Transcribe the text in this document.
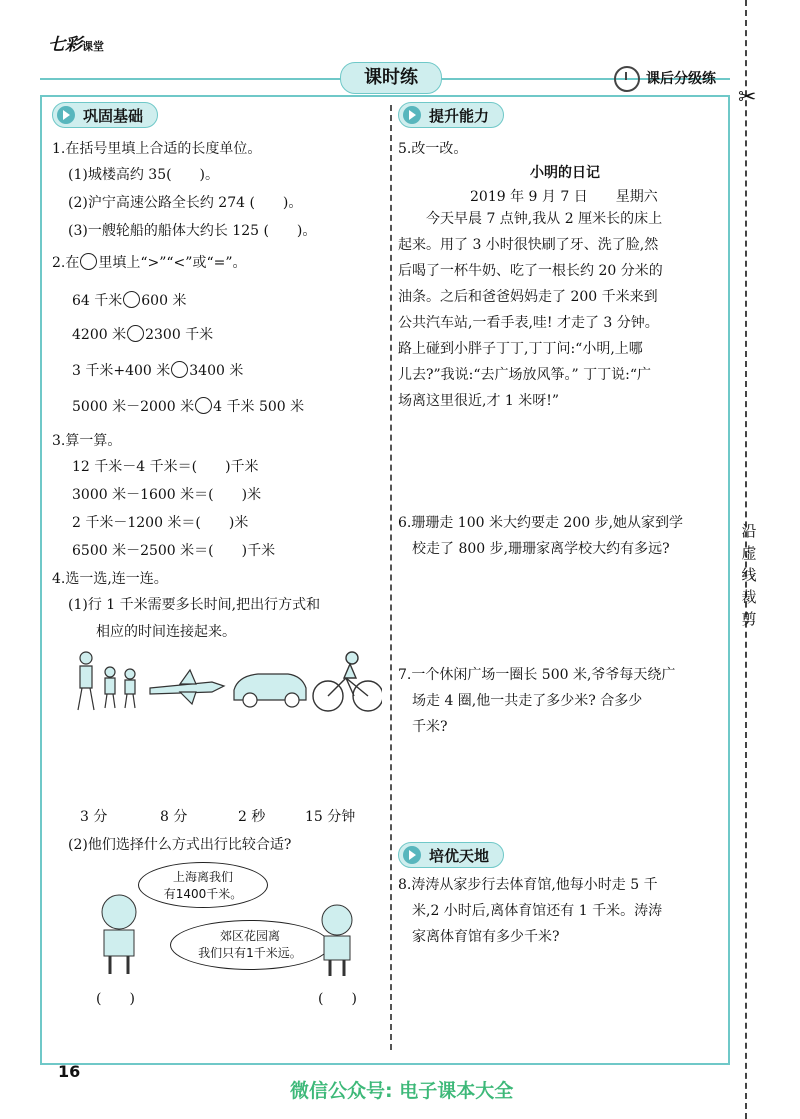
七彩课堂
课时练	课后分级练
✂
沿
虚
线
裁
剪
巩固基础
1.在括号里填上合适的长度单位。
(1)城楼高约 35(　　)。
(2)沪宁高速公路全长约 274 (　　)。
(3)一艘轮船的船体大约长 125 (　　)。
2.在 里填上“>”“<”或“=”。
64 千米 600 米
4200 米 2300 千米
3 千米+400 米 3400 米
5000 米－2000 米 4 千米 500 米
3.算一算。
12 千米－4 千米＝(　　)千米
3000 米－1600 米＝(　　)米
2 千米－1200 米＝(　　)米
6500 米－2500 米＝(　　)千米
4.选一选,连一连。
(1)行 1 千米需要多长时间,把出行方式和
相应的时间连接起来。
3 分	8 分	2 秒	15 分钟
(2)他们选择什么方式出行比较合适?
上海离我们
有1400千米。
郊区花园离
我们只有1千米远。
(　　)	(　　)
提升能力
5.改一改。
小明的日记
2019 年 9 月 7 日　　星期六
　　今天早晨 7 点钟,我从 2 厘米长的床上
起来。用了 3 小时很快刷了牙、洗了脸,然
后喝了一杯牛奶、吃了一根长约 20 分米的
油条。之后和爸爸妈妈走了 200 千米来到
公共汽车站,一看手表,哇! 才走了 3 分钟。
路上碰到小胖子丁丁,丁丁问:“小明,上哪
儿去?”我说:“去广场放风筝。” 丁丁说:“广
场离这里很近,才 1 米呀!”
6.珊珊走 100 米大约要走 200 步,她从家到学
　校走了 800 步,珊珊家离学校大约有多远?
7.一个休闲广场一圈长 500 米,爷爷每天绕广
　场走 4 圈,他一共走了多少米? 合多少
　千米?
培优天地
8.涛涛从家步行去体育馆,他每小时走 5 千
　米,2 小时后,离体育馆还有 1 千米。涛涛
　家离体育馆有多少千米?
16
微信公众号: 电子课本大全
